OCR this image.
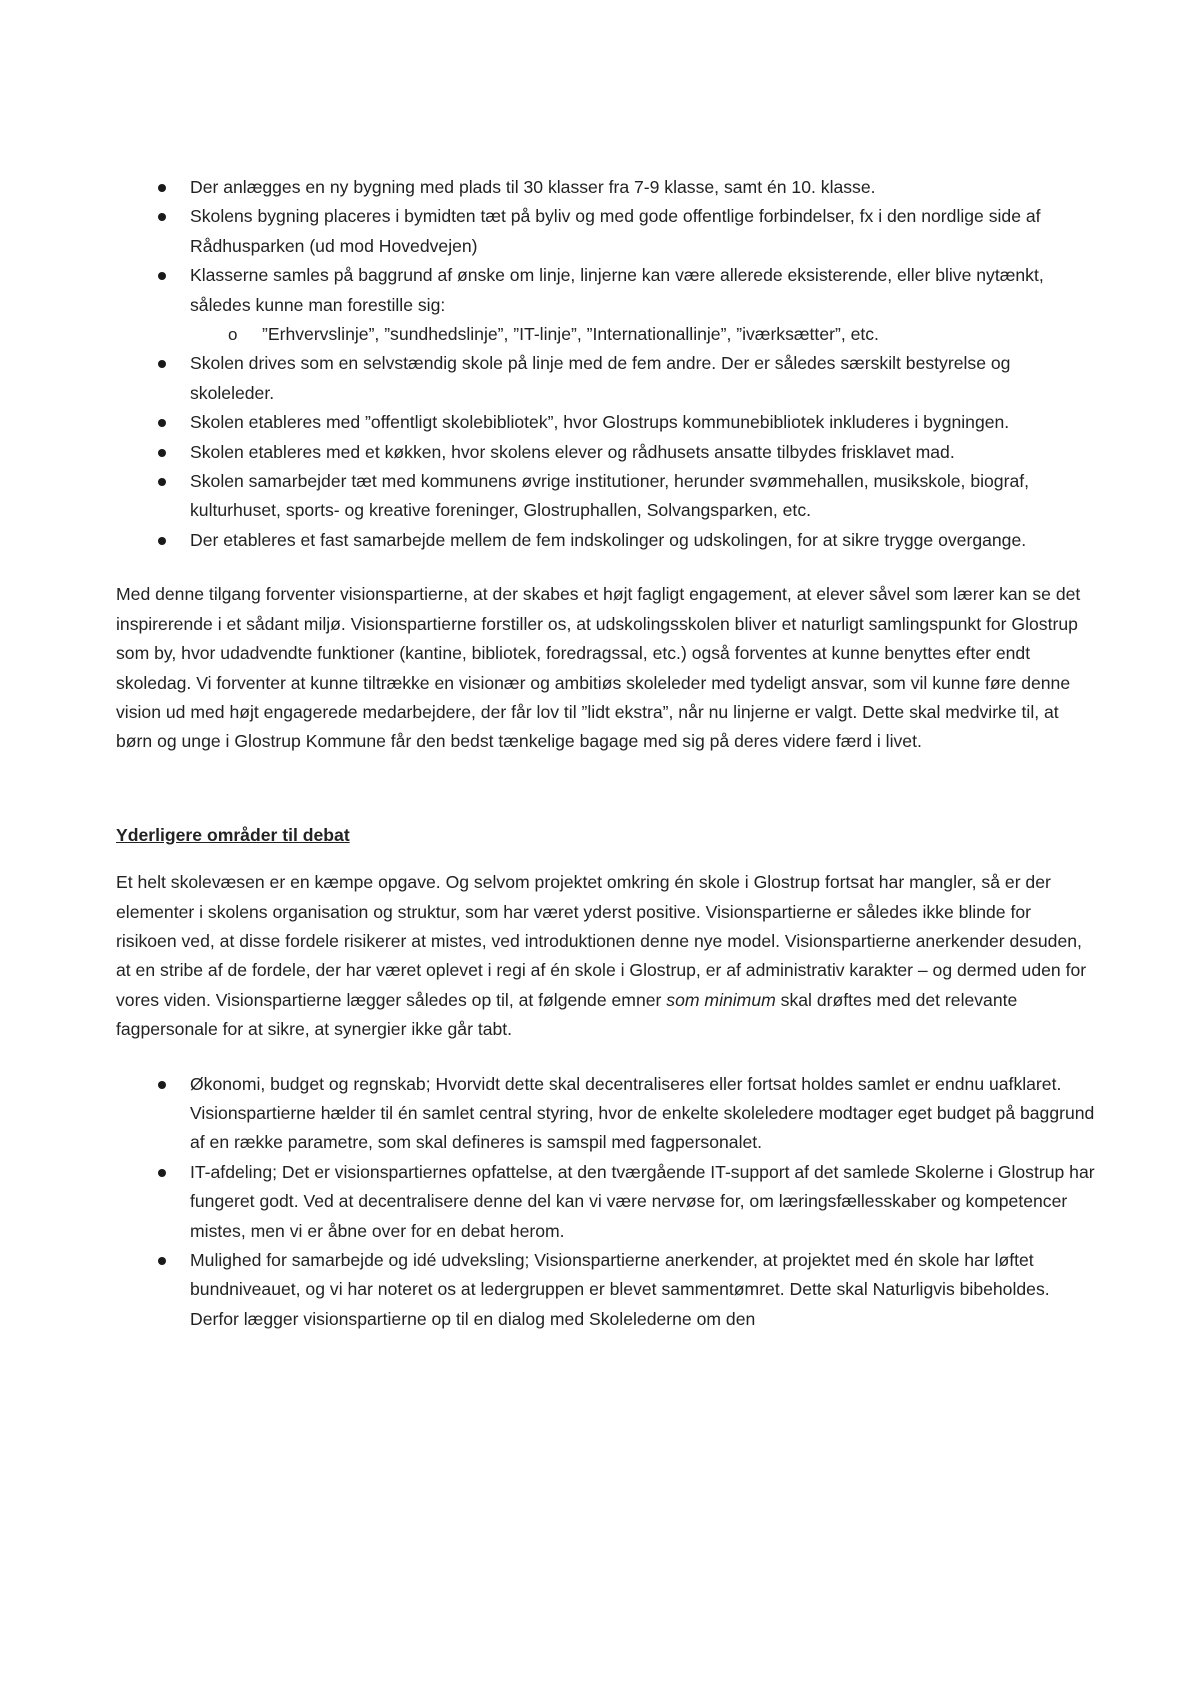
Der anlægges en ny bygning med plads til 30 klasser fra 7-9 klasse, samt én 10. klasse.
Skolens bygning placeres i bymidten tæt på byliv og med gode offentlige forbindelser, fx i den nordlige side af Rådhusparken (ud mod Hovedvejen)
Klasserne samles på baggrund af ønske om linje, linjerne kan være allerede eksisterende, eller blive nytænkt, således kunne man forestille sig:
o ”Erhvervslinje”, ”sundhedslinje”, ”IT-linje”, ”Internationallinje”, ”iværksætter”, etc.
Skolen drives som en selvstændig skole på linje med de fem andre. Der er således særskilt bestyrelse og skoleleder.
Skolen etableres med ”offentligt skolebibliotek”, hvor Glostrups kommunebibliotek inkluderes i bygningen.
Skolen etableres med et køkken, hvor skolens elever og rådhusets ansatte tilbydes frisklavet mad.
Skolen samarbejder tæt med kommunens øvrige institutioner, herunder svømmehallen, musikskole, biograf, kulturhuset, sports- og kreative foreninger, Glostruphallen, Solvangsparken, etc.
Der etableres et fast samarbejde mellem de fem indskolinger og udskolingen, for at sikre trygge overgange.

Med denne tilgang forventer visionspartierne, at der skabes et højt fagligt engagement, at elever såvel som lærer kan se det inspirerende i et sådant miljø. Visionspartierne forstiller os, at udskolingsskolen bliver et naturligt samlingspunkt for Glostrup som by, hvor udadvendte funktioner (kantine, bibliotek, foredragssal, etc.) også forventes at kunne benyttes efter endt skoledag. Vi forventer at kunne tiltrække en visionær og ambitiøs skoleleder med tydeligt ansvar, som vil kunne føre denne vision ud med højt engagerede medarbejdere, der får lov til ”lidt ekstra”, når nu linjerne er valgt. Dette skal medvirke til, at børn og unge i Glostrup Kommune får den bedst tænkelige bagage med sig på deres videre færd i livet.

Yderligere områder til debat

Et helt skolevæsen er en kæmpe opgave. Og selvom projektet omkring én skole i Glostrup fortsat har mangler, så er der elementer i skolens organisation og struktur, som har været yderst positive. Visionspartierne er således ikke blinde for risikoen ved, at disse fordele risikerer at mistes, ved introduktionen denne nye model. Visionspartierne anerkender desuden, at en stribe af de fordele, der har været oplevet i regi af én skole i Glostrup, er af administrativ karakter – og dermed uden for vores viden. Visionspartierne lægger således op til, at følgende emner som minimum skal drøftes med det relevante fagpersonale for at sikre, at synergier ikke går tabt.

Økonomi, budget og regnskab; Hvorvidt dette skal decentraliseres eller fortsat holdes samlet er endnu uafklaret. Visionspartierne hælder til én samlet central styring, hvor de enkelte skoleledere modtager eget budget på baggrund af en række parametre, som skal defineres is samspil med fagpersonalet.
IT-afdeling; Det er visionspartiernes opfattelse, at den tværgående IT-support af det samlede Skolerne i Glostrup har fungeret godt. Ved at decentralisere denne del kan vi være nervøse for, om læringsfællesskaber og kompetencer mistes, men vi er åbne over for en debat herom.
Mulighed for samarbejde og idé udveksling; Visionspartierne anerkender, at projektet med én skole har løftet bundniveauet, og vi har noteret os at ledergruppen er blevet sammentømret. Dette skal Naturligvis bibeholdes. Derfor lægger visionspartierne op til en dialog med Skolelederne om den
